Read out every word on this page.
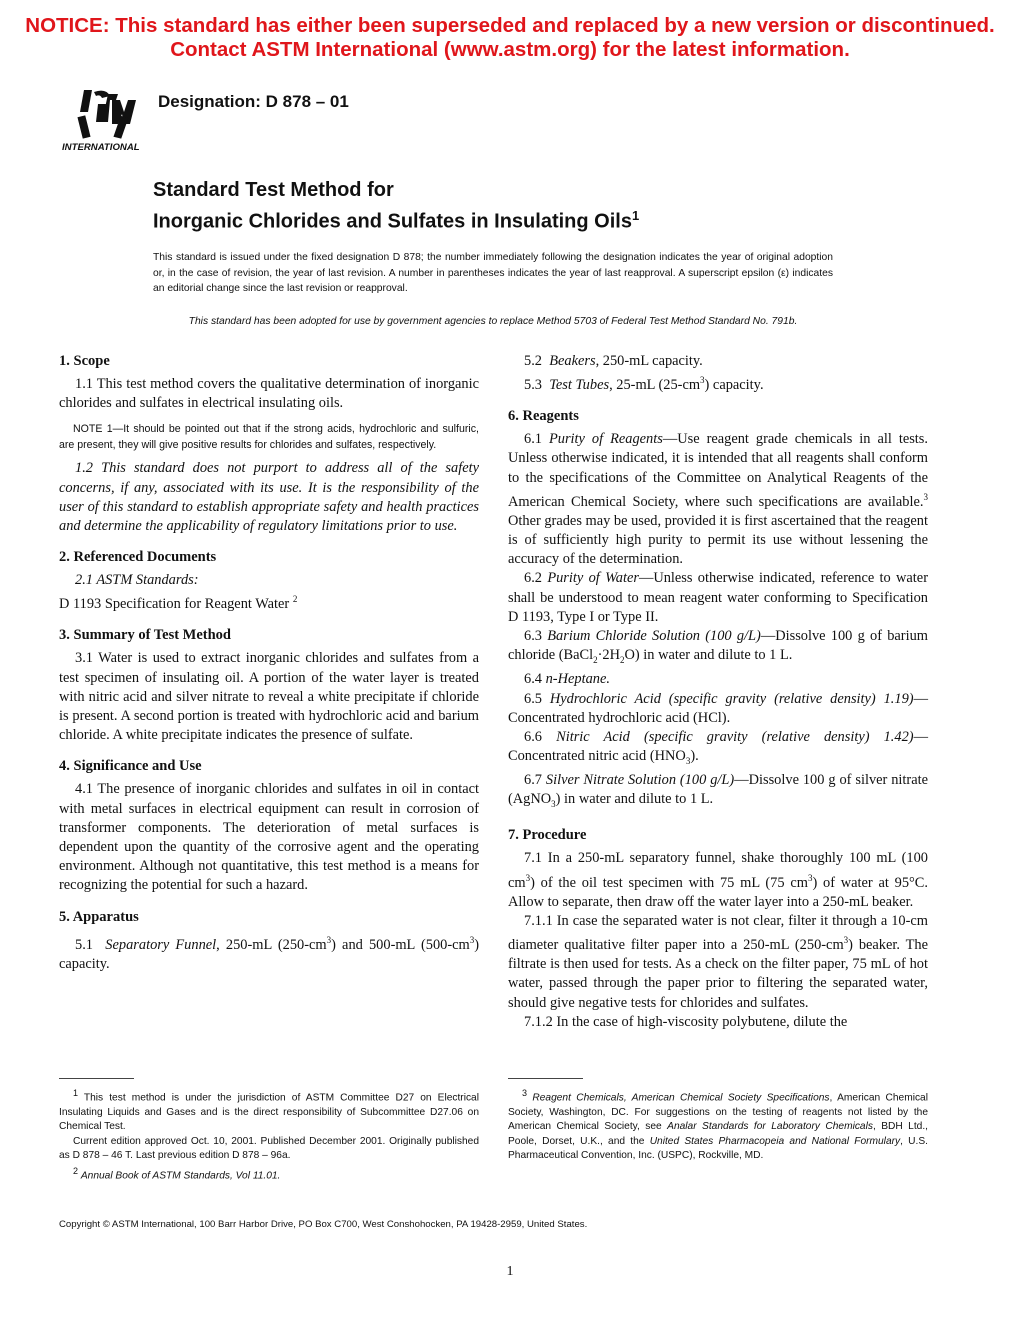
NOTICE: This standard has either been superseded and replaced by a new version or discontinued.
Contact ASTM International (www.astm.org) for the latest information.
INTERNATIONAL
Designation: D 878 – 01
Standard Test Method for
Inorganic Chlorides and Sulfates in Insulating Oils$^1$
This standard is issued under the fixed designation D 878; the number immediately following the designation indicates the year of original adoption or, in the case of revision, the year of last revision. A number in parentheses indicates the year of last reapproval. A superscript epsilon (ε) indicates an editorial change since the last revision or reapproval.
This standard has been adopted for use by government agencies to replace Method 5703 of Federal Test Method Standard No. 791b.
1. Scope

1.1 This test method covers the qualitative determination of inorganic chlorides and sulfates in electrical insulating oils.

NOTE 1—It should be pointed out that if the strong acids, hydrochloric and sulfuric, are present, they will give positive results for chlorides and sulfates, respectively.

1.2 This standard does not purport to address all of the safety concerns, if any, associated with its use. It is the responsibility of the user of this standard to establish appropriate safety and health practices and determine the applicability of regulatory limitations prior to use.

2. Referenced Documents

2.1 ASTM Standards:

D 1193 Specification for Reagent Water $^2$

3. Summary of Test Method

3.1 Water is used to extract inorganic chlorides and sulfates from a test specimen of insulating oil. A portion of the water layer is treated with nitric acid and silver nitrate to reveal a white precipitate if chloride is present. A second portion is treated with hydrochloric acid and barium chloride. A white precipitate indicates the presence of sulfate.

4. Significance and Use

4.1 The presence of inorganic chlorides and sulfates in oil in contact with metal surfaces in electrical equipment can result in corrosion of transformer components. The deterioration of metal surfaces is dependent upon the quantity of the corrosive agent and the operating environment. Although not quantitative, this test method is a means for recognizing the potential for such a hazard.

5. Apparatus

5.1 Separatory Funnel, 250-mL $(250-cm^3)$ and 500-mL $(500-cm^3)$ capacity.

5.2 Beakers, 250-mL capacity.

5.3 Test Tubes, 25-mL $(25-cm^3)$ capacity.

6. Reagents

6.1 Purity of Reagents—Use reagent grade chemicals in all tests. Unless otherwise indicated, it is intended that all reagents shall conform to the specifications of the Committee on Analytical Reagents of the American Chemical Society, where such specifications are available.$^3$ Other grades may be used, provided it is first ascertained that the reagent is of sufficiently high purity to permit its use without lessening the accuracy of the determination.

6.2 Purity of Water—Unless otherwise indicated, reference to water shall be understood to mean reagent water conforming to Specification D 1193, Type I or Type II.

6.3 Barium Chloride Solution (100 g/L)—Dissolve 100 g of barium chloride $(BaCl_2\cdot 2H_2O)$ in water and dilute to 1 L.

6.4 n-Heptane.

6.5 Hydrochloric Acid (specific gravity (relative density) 1.19)—Concentrated hydrochloric acid (HCl).

6.6 Nitric Acid (specific gravity (relative density) 1.42)—Concentrated nitric acid $(HNO_3)$.

6.7 Silver Nitrate Solution (100 g/L)—Dissolve 100 g of silver nitrate (AgNO$_3$) in water and dilute to 1 L.

7. Procedure

7.1 In a 250-mL separatory funnel, shake thoroughly 100 mL (100 $cm^3$) of the oil test specimen with 75 mL (75 $cm^3$) of water at 95°C. Allow to separate, then draw off the water layer into a 250-mL beaker.

7.1.1 In case the separated water is not clear, filter it through a 10-cm diameter qualitative filter paper into a 250-mL $(250-cm^3)$ beaker. The filtrate is then used for tests. As a check on the filter paper, 75 mL of hot water, passed through the paper prior to filtering the separated water, should give negative tests for chlorides and sulfates.

7.1.2 In the case of high-viscosity polybutene, dilute the

$^1$ This test method is under the jurisdiction of ASTM Committee D27 on Electrical Insulating Liquids and Gases and is the direct responsibility of Subcommittee D27.06 on Chemical Test.

Current edition approved Oct. 10, 2001. Published December 2001. Originally published as D 878 – 46 T. Last previous edition D 878 – 96a.

$^2$ Annual Book of ASTM Standards, Vol 11.01.

$^3$ Reagent Chemicals, American Chemical Society Specifications, American Chemical Society, Washington, DC. For suggestions on the testing of reagents not listed by the American Chemical Society, see Analar Standards for Laboratory Chemicals, BDH Ltd., Poole, Dorset, U.K., and the United States Pharmacopeia and National Formulary, U.S. Pharmaceutical Convention, Inc. (USPC), Rockville, MD.

Copyright © ASTM International, 100 Barr Harbor Drive, PO Box C700, West Conshohocken, PA 19428-2959, United States.
1
